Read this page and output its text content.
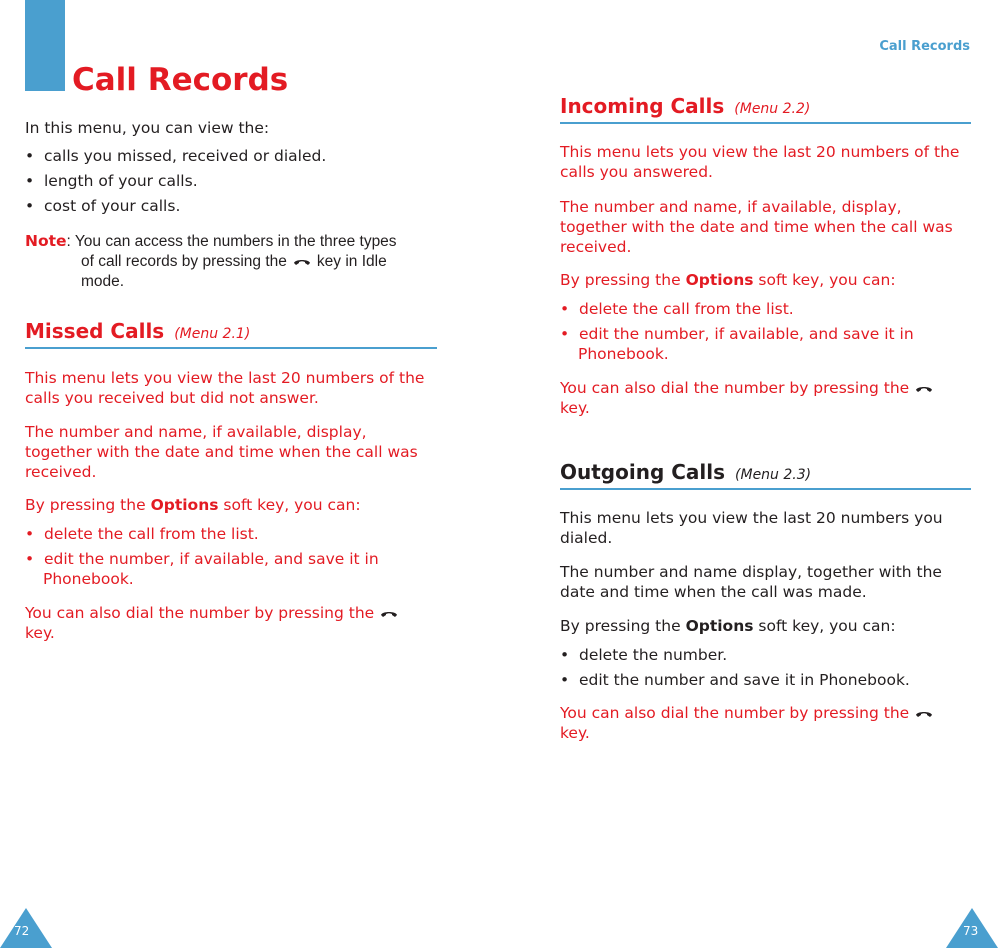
Call Records

In this menu, you can view the:

•  calls you missed, received or dialed.

•  length of your calls.

•  cost of your calls.

Note: You can access the numbers in the three types
of call records by pressing the key in Idle
mode.
Missed Calls (Menu 2.1)

This menu lets you view the last 20 numbers of the calls you received but did not answer.

The number and name, if available, display, together with the date and time when the call was received.

By pressing the Options soft key, you can:

•  delete the call from the list.

•  edit the number, if available, and save it in Phonebook.

You can also dial the number by pressing the
key.

72
Call Records
Incoming Calls (Menu 2.2)

This menu lets you view the last 20 numbers of the calls you answered.

The number and name, if available, display, together with the date and time when the call was received.

By pressing the Options soft key, you can:

•  delete the call from the list.

•  edit the number, if available, and save it in Phonebook.

You can also dial the number by pressing the
key.

Outgoing Calls (Menu 2.3)

This menu lets you view the last 20 numbers you dialed.

The number and name display, together with the date and time when the call was made.

By pressing the Options soft key, you can:

•  delete the number.

•  edit the number and save it in Phonebook.

You can also dial the number by pressing the
key.

73
